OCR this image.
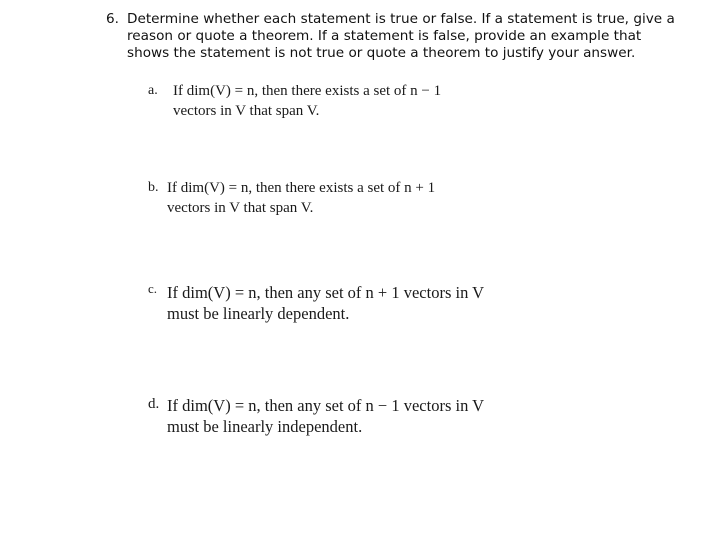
6. Determine whether each statement is true or false. If a statement is true, give a reason or quote a theorem. If a statement is false, provide an example that shows the statement is not true or quote a theorem to justify your answer.
a. If dim(V) = n, then there exists a set of n − 1
vectors in V that span V.
b. If dim(V) = n, then there exists a set of n + 1
vectors in V that span V.
c. If dim(V) = n, then any set of n + 1 vectors in V
must be linearly dependent.
d. If dim(V) = n, then any set of n − 1 vectors in V
must be linearly independent.
